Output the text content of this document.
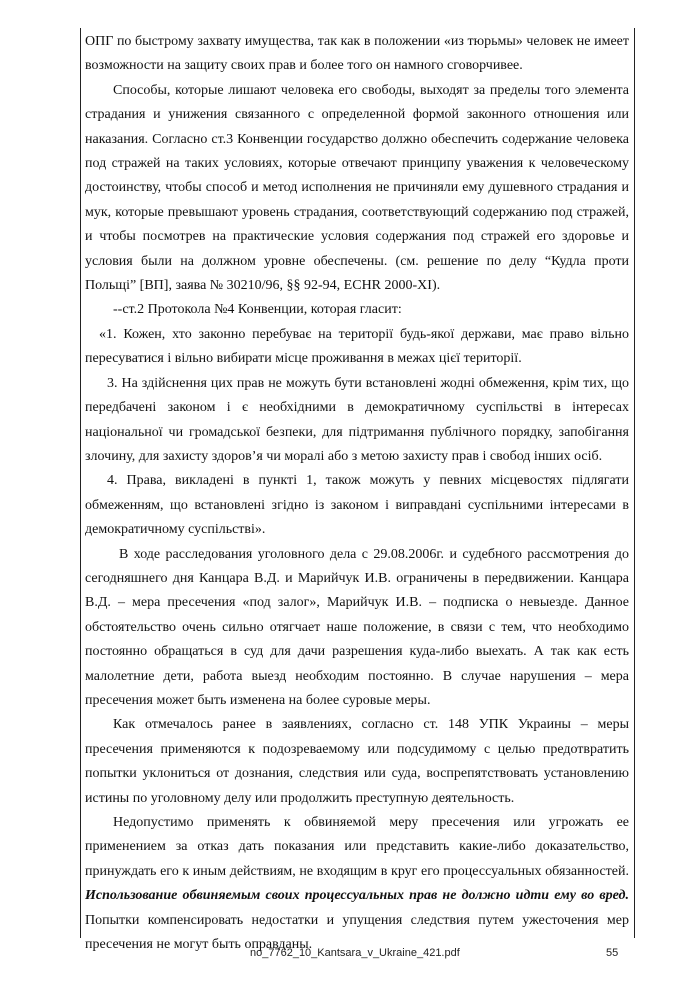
ОПГ по быстрому захвату имущества, так как в положении «из тюрьмы» человек не имеет возможности на защиту своих прав и более того он намного сговорчивее.

Способы, которые лишают человека его свободы, выходят за пределы того элемента страдания и унижения связанного с определенной формой законного отношения или наказания. Согласно ст.3 Конвенции государство должно обеспечить содержание человека под стражей на таких условиях, которые отвечают принципу уважения к человеческому достоинству, чтобы способ и метод исполнения не причиняли ему душевного страдания и мук, которые превышают уровень страдания, соответствующий содержанию под стражей, и чтобы посмотрев на практические условия содержания под стражей его здоровье и условия были на должном уровне обеспечены. (см. решение по делу “Кудла проти Польщі” [ВП], заява № 30210/96, §§ 92-94, ECHR 2000-XI).

--ст.2 Протокола №4 Конвенции, которая гласит:

«1. Кожен, хто законно перебуває на території будь-якої держави, має право вільно пересуватися і вільно вибирати місце проживання в межах цієї території.

3. На здійснення цих прав не можуть бути встановлені жодні обмеження, крім тих, що передбачені законом і є необхідними в демократичному суспільстві в інтересах національної чи громадської безпеки, для підтримання публічного порядку, запобігання злочину, для захисту здоров’я чи моралі або з метою захисту прав і свобод інших осіб.

4. Права, викладені в пункті 1, також можуть у певних місцевостях підлягати обмеженням, що встановлені згідно із законом і виправдані суспільними інтересами в демократичному суспільстві».

В ходе расследования уголовного дела с 29.08.2006г. и судебного рассмотрения до сегодняшнего дня Канцара В.Д. и Марийчук И.В. ограничены в передвижении. Канцара В.Д. – мера пресечения «под залог», Марийчук И.В. – подписка о невыезде. Данное обстоятельство очень сильно отягчает наше положение, в связи с тем, что необходимо постоянно обращаться в суд для дачи разрешения куда-либо выехать. А так как есть малолетние дети, работа выезд необходим постоянно. В случае нарушения – мера пресечения может быть изменена на более суровые меры.

Как отмечалось ранее в заявлениях, согласно ст. 148 УПК Украины – меры пресечения применяются к подозреваемому или подсудимому с целью предотвратить попытки уклониться от дознания, следствия или суда, воспрепятствовать установлению истины по уголовному делу или продолжить преступную деятельность.

Недопустимо применять к обвиняемой меру пресечения или угрожать ее применением за отказ дать показания или представить какие-либо доказательство, принуждать его к иным действиям, не входящим в круг его процессуальных обязанностей. Использование обвиняемым своих процессуальных прав не должно идти ему во вред. Попытки компенсировать недостатки и упущения следствия путем ужесточения мер пресечения не могут быть оправданы.

no_7762_10_Kantsara_v_Ukraine_421.pdf	55
